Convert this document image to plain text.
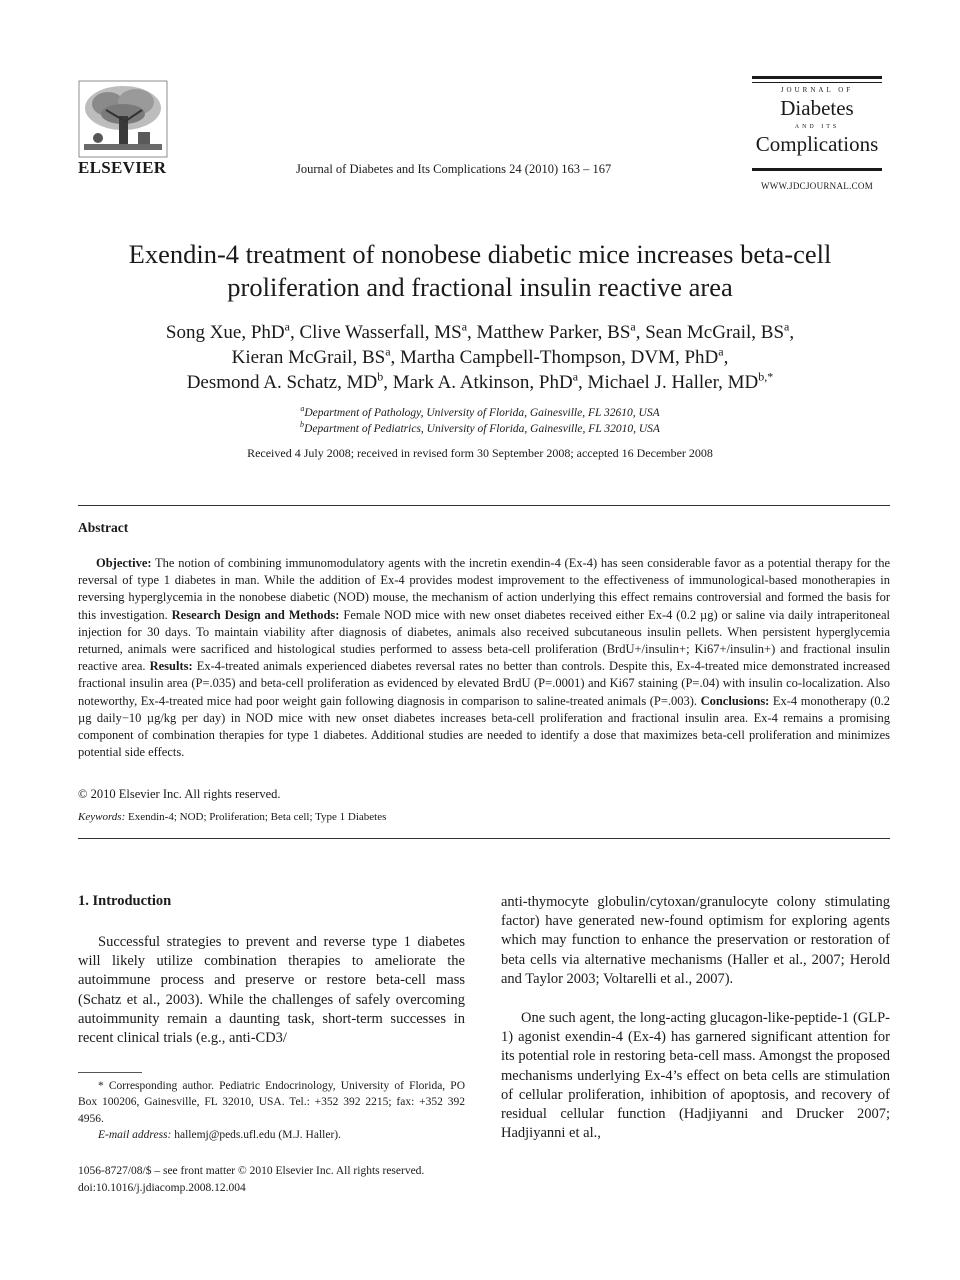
ELSEVIER	Journal of Diabetes and Its Complications 24 (2010) 163 – 167
JOURNAL OF
Diabetes
AND ITS
Complications
WWW.JDCJOURNAL.COM
Exendin-4 treatment of nonobese diabetic mice increases beta-cell
proliferation and fractional insulin reactive area
Song Xue, PhD$^a$, Clive Wasserfall, $MS^a$, Matthew Parker, $BS^a$, Sean McGrail, $BS^a$,
Kieran McGrail, $BS^a$, Martha Campbell-Thompson, DVM, PhD$^a$,
Desmond A. Schatz, $MD^b$, Mark A. Atkinson, PhD$^a$, Michael J. Haller, $MD^{b,*}$
$^a$Department of Pathology, University of Florida, Gainesville, FL 32610, USA
$^b$Department of Pediatrics, University of Florida, Gainesville, FL 32010, USA
Received 4 July 2008; received in revised form 30 September 2008; accepted 16 December 2008
Abstract
Objective: The notion of combining immunomodulatory agents with the incretin exendin-4 (Ex-4) has seen considerable favor as a potential therapy for the reversal of type 1 diabetes in man. While the addition of Ex-4 provides modest improvement to the effectiveness of immunological-based monotherapies in reversing hyperglycemia in the nonobese diabetic (NOD) mouse, the mechanism of action underlying this effect remains controversial and formed the basis for this investigation. Research Design and Methods: Female NOD mice with new onset diabetes received either Ex-4 (0.2 µg) or saline via daily intraperitoneal injection for 30 days. To maintain viability after diagnosis of diabetes, animals also received subcutaneous insulin pellets. When persistent hyperglycemia returned, animals were sacrificed and histological studies performed to assess beta-cell proliferation (BrdU+/insulin+; Ki67+/insulin+) and fractional insulin reactive area. Results: Ex-4-treated animals experienced diabetes reversal rates no better than controls. Despite this, Ex-4-treated mice demonstrated increased fractional insulin area (P=.035) and beta-cell proliferation as evidenced by elevated BrdU (P=.0001) and Ki67 staining (P=.04) with insulin co-localization. Also noteworthy, Ex-4-treated mice had poor weight gain following diagnosis in comparison to saline-treated animals (P=.003). Conclusions: Ex-4 monotherapy (0.2 µg daily−10 µg/kg per day) in NOD mice with new onset diabetes increases beta-cell proliferation and fractional insulin area. Ex-4 remains a promising component of combination therapies for type 1 diabetes. Additional studies are needed to identify a dose that maximizes beta-cell proliferation and minimizes potential side effects.
© 2010 Elsevier Inc. All rights reserved.
Keywords: Exendin-4; NOD; Proliferation; Beta cell; Type 1 Diabetes
1. Introduction
Successful strategies to prevent and reverse type 1 diabetes will likely utilize combination therapies to ameliorate the autoimmune process and preserve or restore beta-cell mass (Schatz et al., 2003). While the challenges of safely overcoming autoimmunity remain a daunting task, short-term successes in recent clinical trials (e.g., anti-CD3/
anti-thymocyte globulin/cytoxan/granulocyte colony stimulating factor) have generated new-found optimism for exploring agents which may function to enhance the preservation or restoration of beta cells via alternative mechanisms (Haller et al., 2007; Herold and Taylor 2003; Voltarelli et al., 2007).
One such agent, the long-acting glucagon-like-peptide-1 (GLP-1) agonist exendin-4 (Ex-4) has garnered significant attention for its potential role in restoring beta-cell mass. Amongst the proposed mechanisms underlying Ex-4’s effect on beta cells are stimulation of cellular proliferation, inhibition of apoptosis, and recovery of residual cellular function (Hadjiyanni and Drucker 2007; Hadjiyanni et al.,
* Corresponding author. Pediatric Endocrinology, University of Florida, PO Box 100206, Gainesville, FL 32010, USA. Tel.: +352 392 2215; fax: +352 392 4956.
E-mail address: hallemj@peds.ufl.edu (M.J. Haller).
1056-8727/08/$ – see front matter © 2010 Elsevier Inc. All rights reserved.
doi:10.1016/j.jdiacomp.2008.12.004
